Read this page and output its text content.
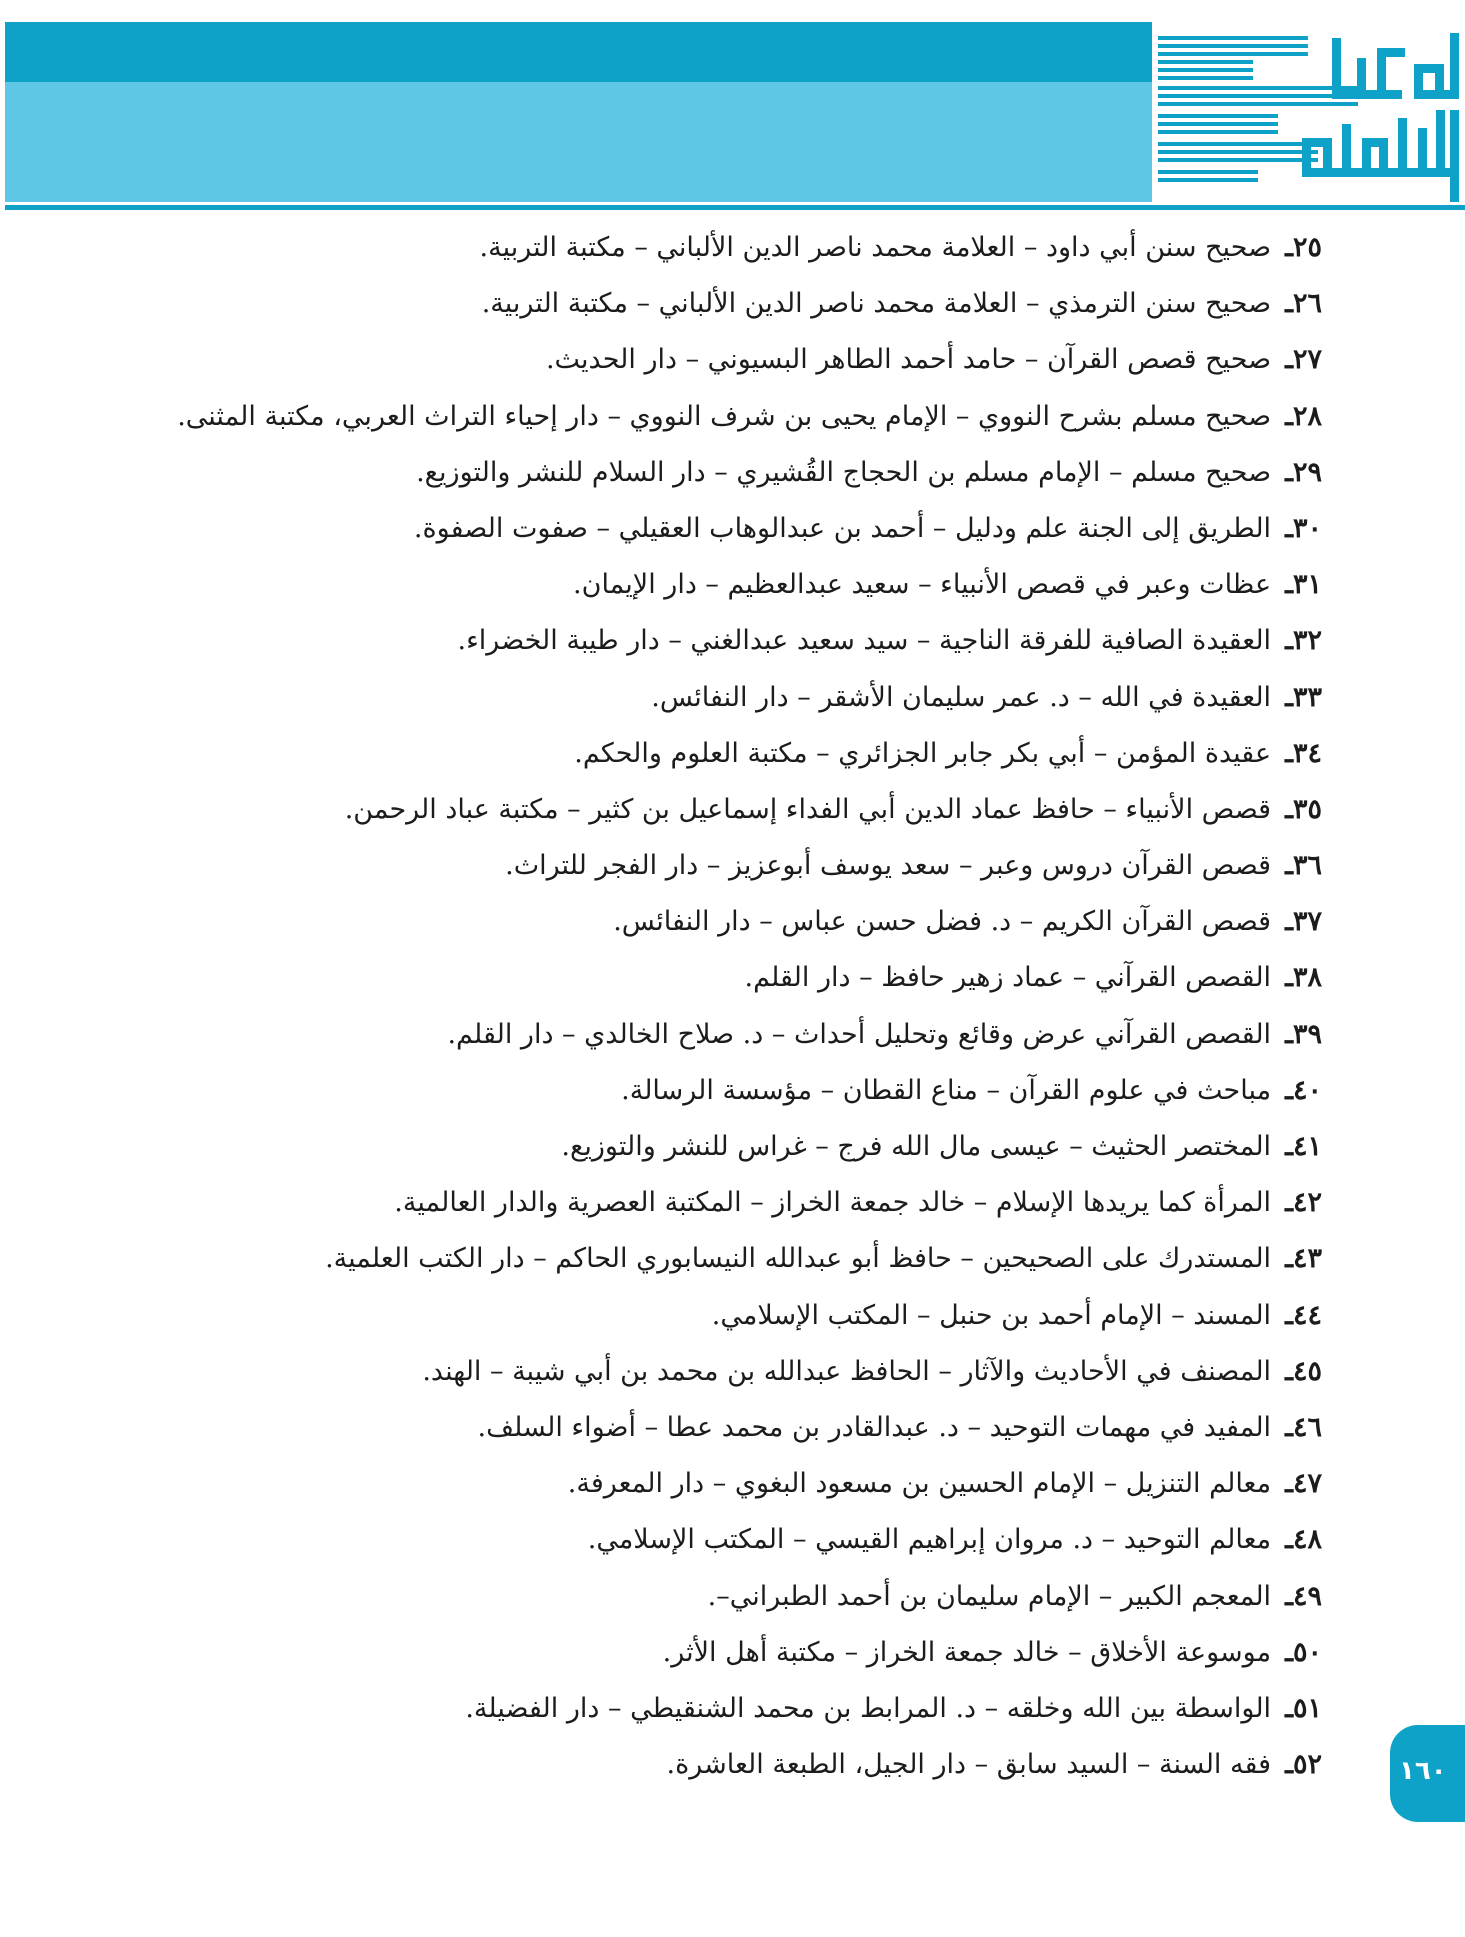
٢٥ـ
صحيح سنن أبي داود – العلامة محمد ناصر الدين الألباني – مكتبة التربية.
٢٦ـ
صحيح سنن الترمذي – العلامة محمد ناصر الدين الألباني – مكتبة التربية.
٢٧ـ
صحيح قصص القرآن – حامد أحمد الطاهر البسيوني – دار الحديث.
٢٨ـ
صحيح مسلم بشرح النووي – الإمام يحيى بن شرف النووي – دار إحياء التراث العربي، مكتبة المثنى.
٢٩ـ
صحيح مسلم – الإمام مسلم بن الحجاج القُشيري – دار السلام للنشر والتوزيع.
٣٠ـ
الطريق إلى الجنة علم ودليل – أحمد بن عبدالوهاب العقيلي – صفوت الصفوة.
٣١ـ
عظات وعبر في قصص الأنبياء – سعيد عبدالعظيم – دار الإيمان.
٣٢ـ
العقيدة الصافية للفرقة الناجية – سيد سعيد عبدالغني – دار طيبة الخضراء.
٣٣ـ
العقيدة في الله – د. عمر سليمان الأشقر – دار النفائس.
٣٤ـ
عقيدة المؤمن – أبي بكر جابر الجزائري – مكتبة العلوم والحكم.
٣٥ـ
قصص الأنبياء – حافظ عماد الدين أبي الفداء إسماعيل بن كثير – مكتبة عباد الرحمن.
٣٦ـ
قصص القرآن دروس وعبر – سعد يوسف أبوعزيز – دار الفجر للتراث.
٣٧ـ
قصص القرآن الكريم – د. فضل حسن عباس – دار النفائس.
٣٨ـ
القصص القرآني – عماد زهير حافظ – دار القلم.
٣٩ـ
القصص القرآني عرض وقائع وتحليل أحداث – د. صلاح الخالدي – دار القلم.
٤٠ـ
مباحث في علوم القرآن – مناع القطان – مؤسسة الرسالة.
٤١ـ
المختصر الحثيث – عيسى مال الله فرج – غراس للنشر والتوزيع.
٤٢ـ
المرأة كما يريدها الإسلام – خالد جمعة الخراز – المكتبة العصرية والدار العالمية.
٤٣ـ
المستدرك على الصحيحين – حافظ أبو عبدالله النيسابوري الحاكم – دار الكتب العلمية.
٤٤ـ
المسند – الإمام أحمد بن حنبل – المكتب الإسلامي.
٤٥ـ
المصنف في الأحاديث والآثار – الحافظ عبدالله بن محمد بن أبي شيبة – الهند.
٤٦ـ
المفيد في مهمات التوحيد – د. عبدالقادر بن محمد عطا – أضواء السلف.
٤٧ـ
معالم التنزيل – الإمام الحسين بن مسعود البغوي – دار المعرفة.
٤٨ـ
معالم التوحيد – د. مروان إبراهيم القيسي – المكتب الإسلامي.
٤٩ـ
المعجم الكبير – الإمام سليمان بن أحمد الطبراني–.
٥٠ـ
موسوعة الأخلاق – خالد جمعة الخراز – مكتبة أهل الأثر.
٥١ـ
الواسطة بين الله وخلقه – د. المرابط بن محمد الشنقيطي – دار الفضيلة.
٥٢ـ
فقه السنة – السيد سابق – دار الجيل، الطبعة العاشرة.	١٦٠
